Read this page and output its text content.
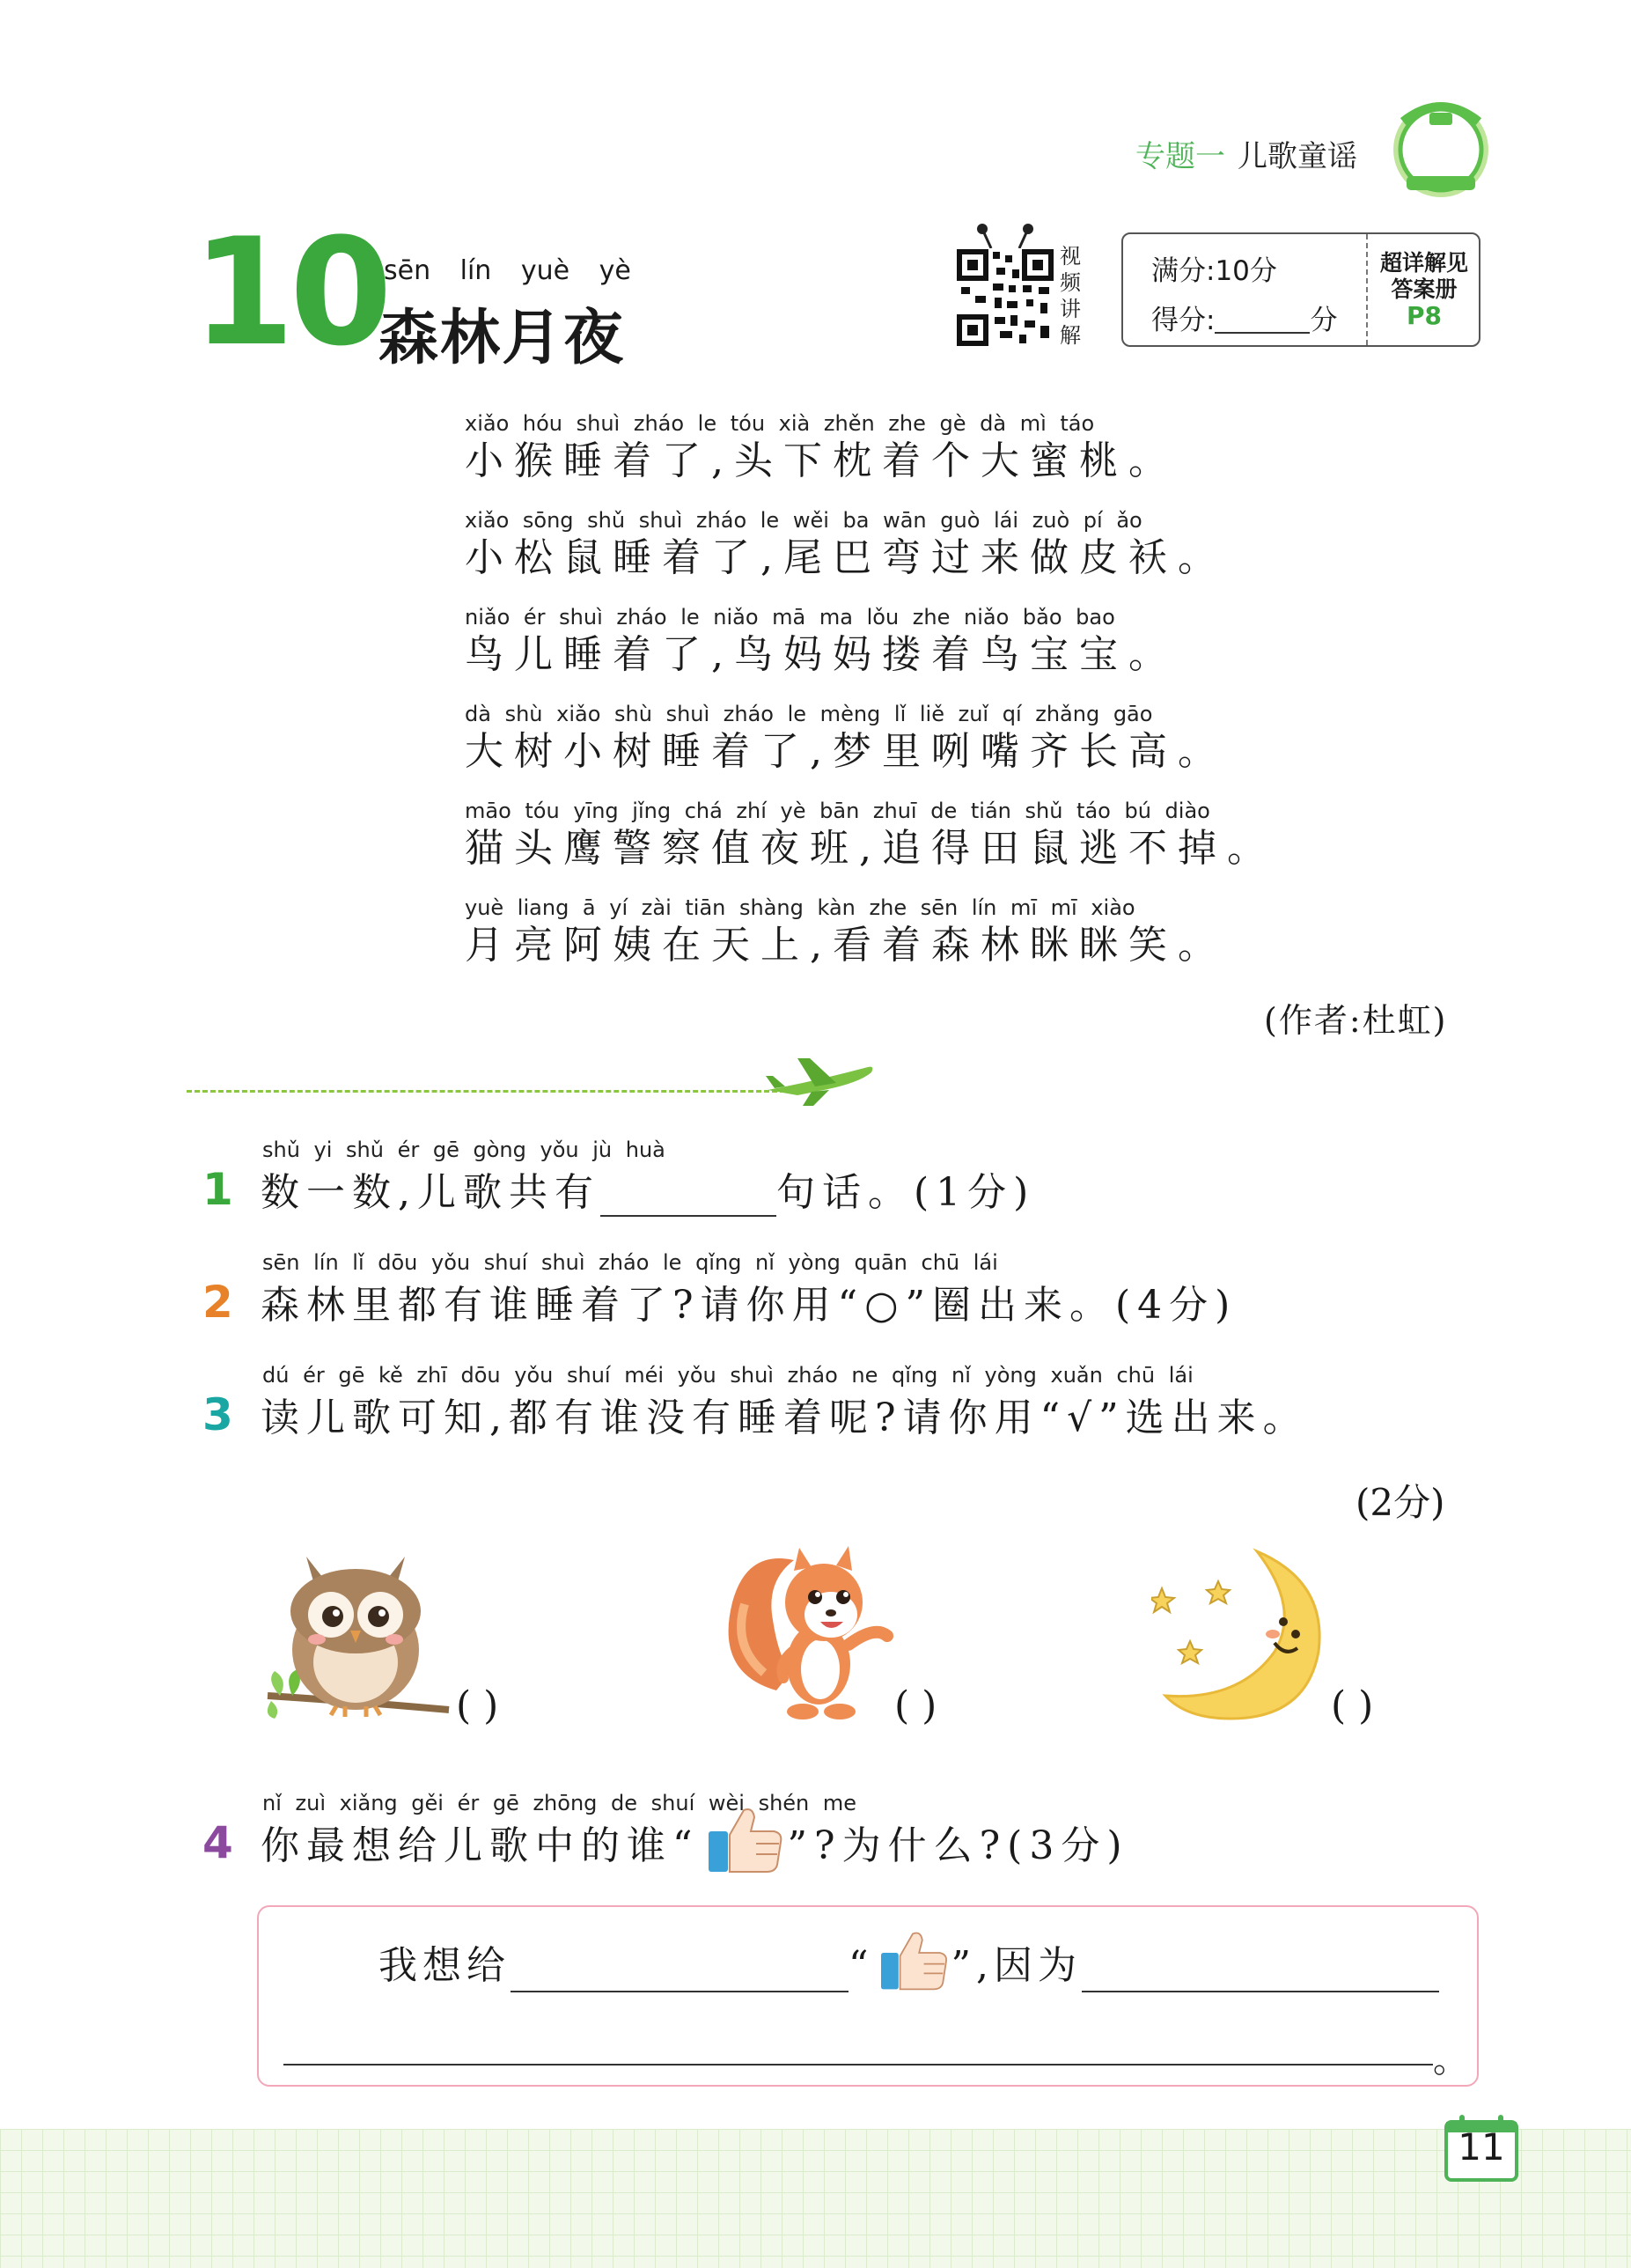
专题一 儿歌童谣
10
sēn lín yuè yè
森林月夜
视
频
讲
解
满分:10分
得分:	分
超详解见
答案册
P8
xiǎo hóu shuì zháo le tóu xià zhěn zhe gè dà mì táo
小猴睡着了,头下枕着个大蜜桃。
xiǎo sōng shǔ shuì zháo le wěi ba wān guò lái zuò pí ǎo
小松鼠睡着了,尾巴弯过来做皮袄。
niǎo ér shuì zháo le niǎo mā ma lǒu zhe niǎo bǎo bao
鸟儿睡着了,鸟妈妈搂着鸟宝宝。
dà shù xiǎo shù shuì zháo le mèng lǐ liě zuǐ qí zhǎng gāo
大树小树睡着了,梦里咧嘴齐长高。
māo tóu yīng jǐng chá zhí yè bān zhuī de tián shǔ táo bú diào
猫头鹰警察值夜班,追得田鼠逃不掉。
yuè liang ā yí zài tiān shàng kàn zhe sēn lín mī mī xiào
月亮阿姨在天上,看着森林眯眯笑。
(作者:杜虹)
1
shǔ yi shǔ ér gē gòng yǒu jù huà
数一数,儿歌共有	句话。(1分)
2
sēn lín lǐ dōu yǒu shuí shuì zháo le qǐng nǐ yòng quān chū lái
森林里都有谁睡着了?请你用“○”圈出来。(4分)
3
dú ér gē kě zhī dōu yǒu shuí méi yǒu shuì zháo ne qǐng nǐ yòng xuǎn chū lái
读儿歌可知,都有谁没有睡着呢?请你用“√”选出来。
(2分)
( )	( )	( )
4
nǐ zuì xiǎng gěi ér gē zhōng de shuí wèi shén me
你最想给儿歌中的谁“ ”?为什么?(3分)
我想给	“ ”,因为
。
11
